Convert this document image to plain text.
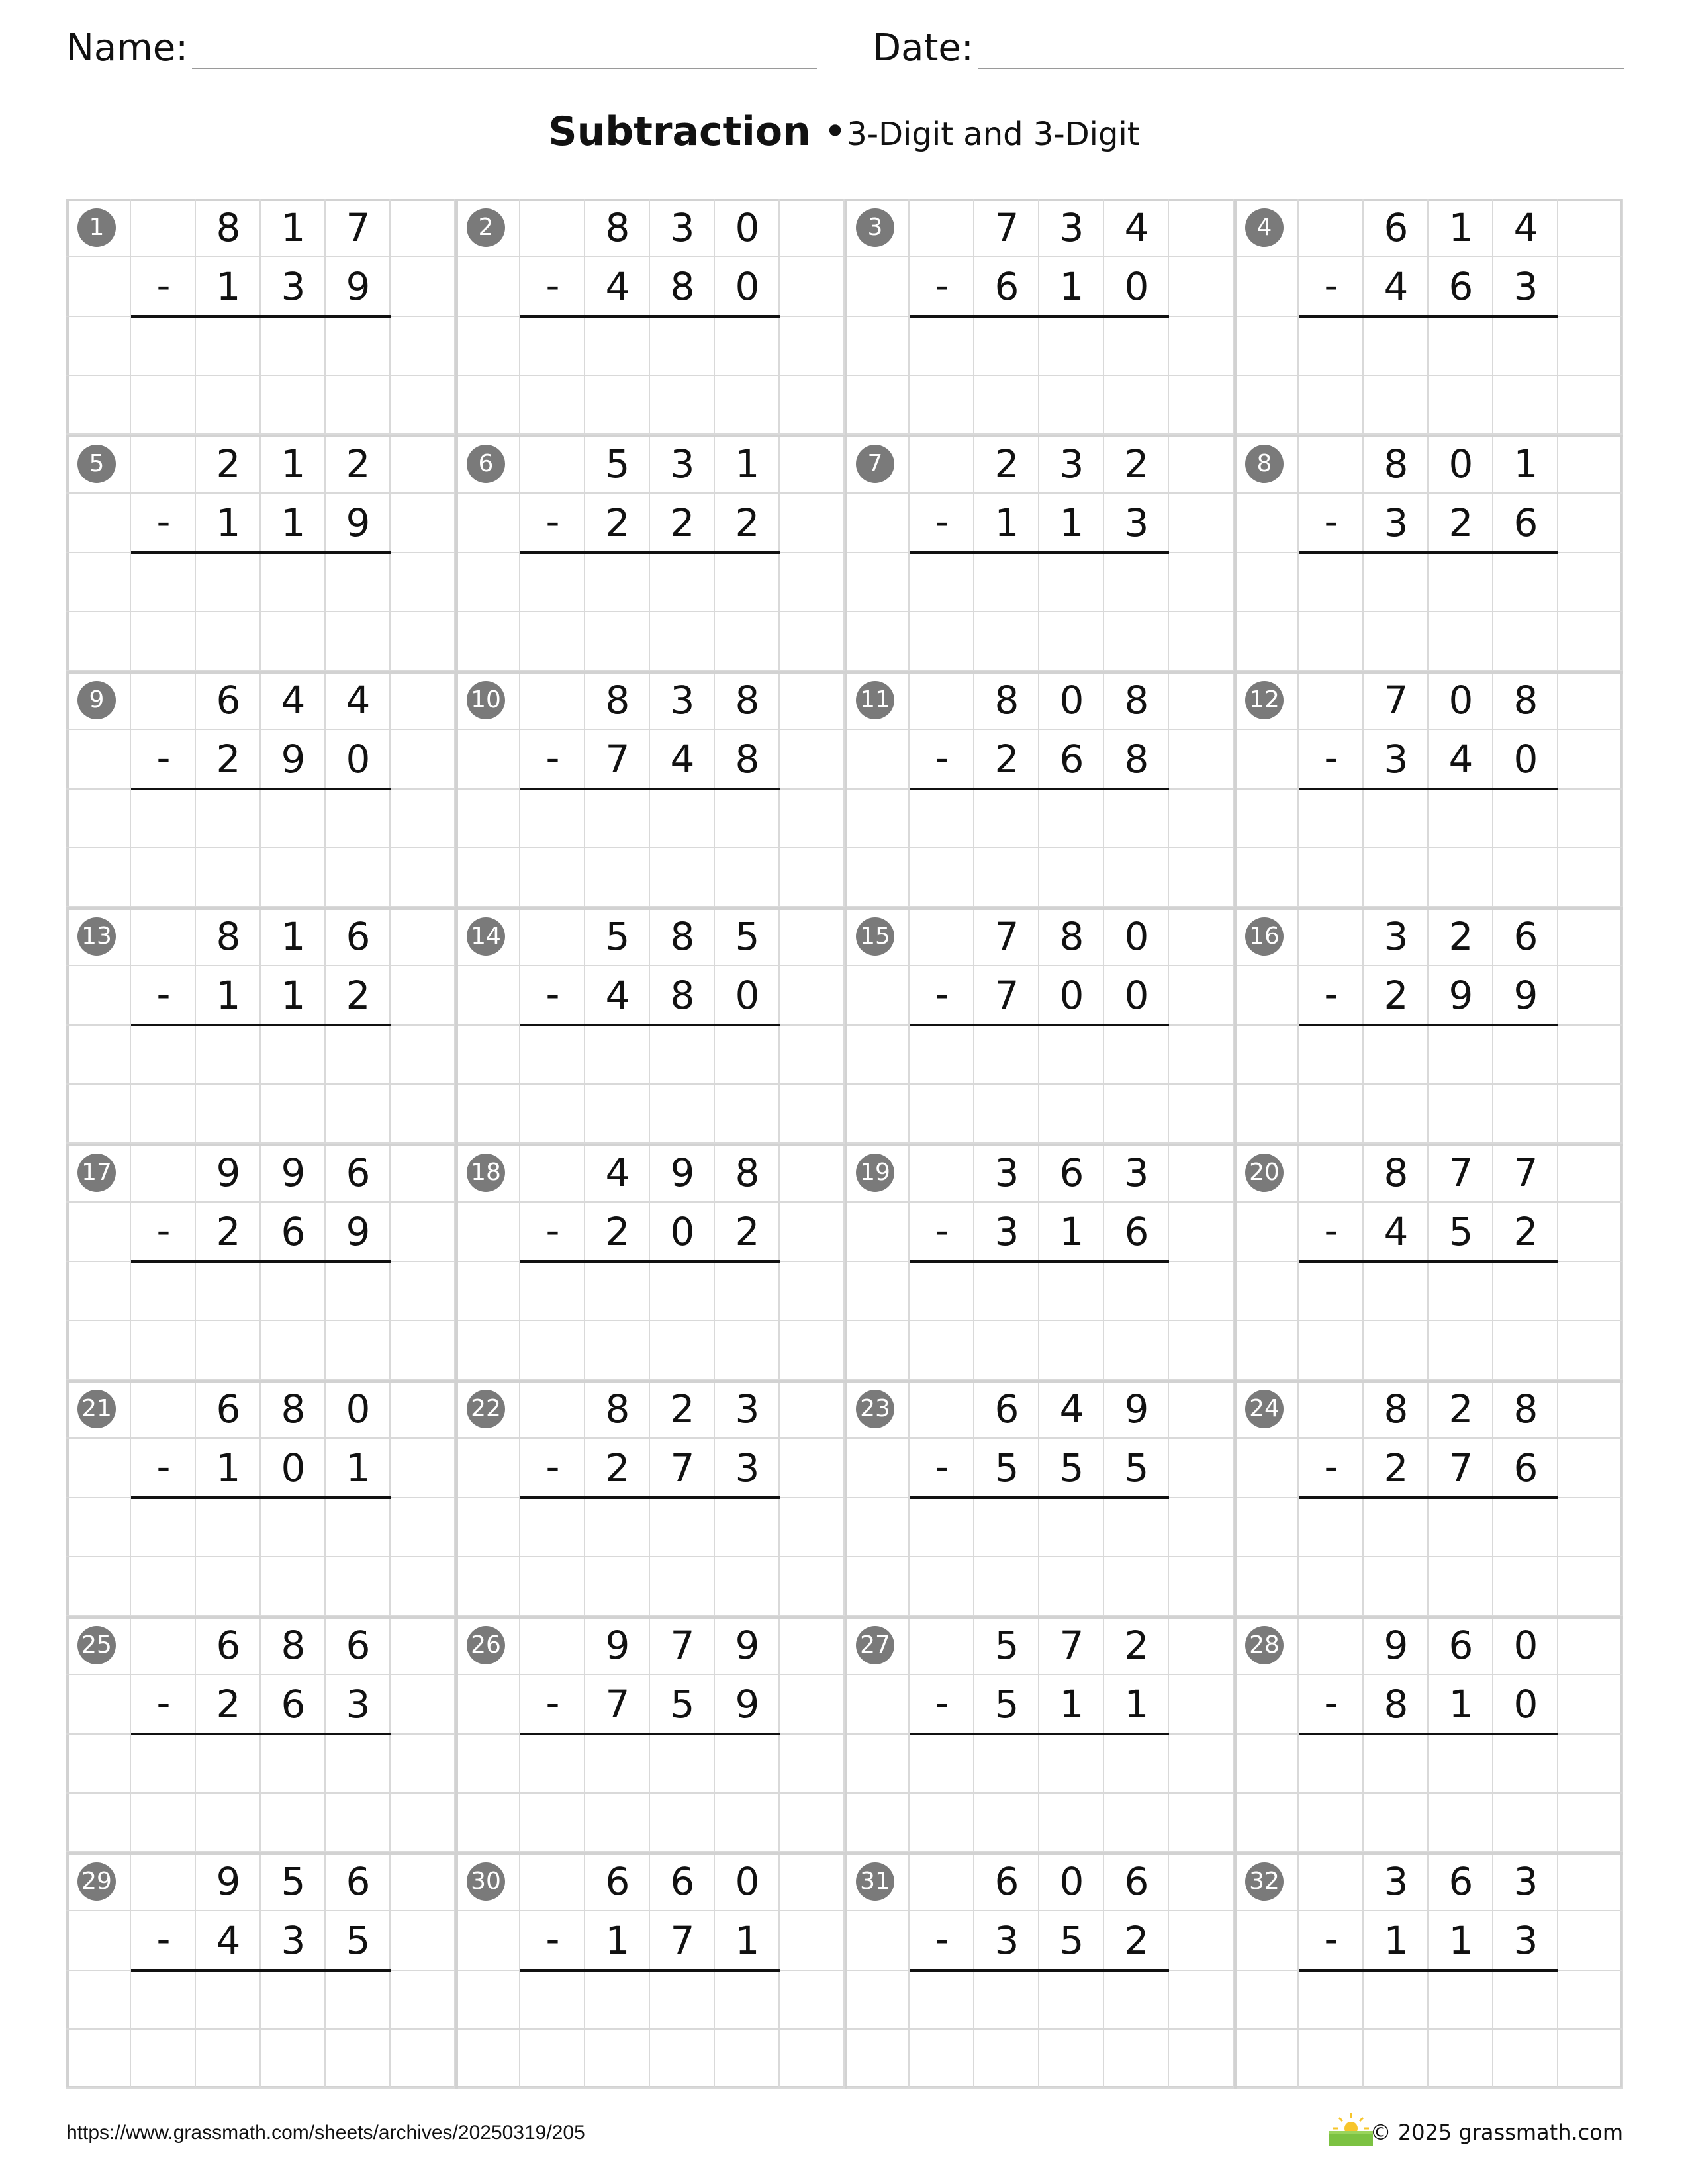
Name:	Date:
Subtraction •3-Digit and 3-Digit
1	8	1	7
-	1	3	9
2	8	3	0
-	4	8	0
3	7	3	4
-	6	1	0
4	6	1	4
-	4	6	3
5	2	1	2
-	1	1	9
6	5	3	1
-	2	2	2
7	2	3	2
-	1	1	3
8	8	0	1
-	3	2	6
9	6	4	4
-	2	9	0
10	8	3	8
-	7	4	8
11	8	0	8
-	2	6	8
12	7	0	8
-	3	4	0
13	8	1	6
-	1	1	2
14	5	8	5
-	4	8	0
15	7	8	0
-	7	0	0
16	3	2	6
-	2	9	9
17	9	9	6
-	2	6	9
18	4	9	8
-	2	0	2
19	3	6	3
-	3	1	6
20	8	7	7
-	4	5	2
21	6	8	0
-	1	0	1
22	8	2	3
-	2	7	3
23	6	4	9
-	5	5	5
24	8	2	8
-	2	7	6
25	6	8	6
-	2	6	3
26	9	7	9
-	7	5	9
27	5	7	2
-	5	1	1
28	9	6	0
-	8	1	0
29	9	5	6
-	4	3	5
30	6	6	0
-	1	7	1
31	6	0	6
-	3	5	2
32	3	6	3
-	1	1	3
https://www.grassmath.com/sheets/archives/20250319/205	© 2025 grassmath.com
